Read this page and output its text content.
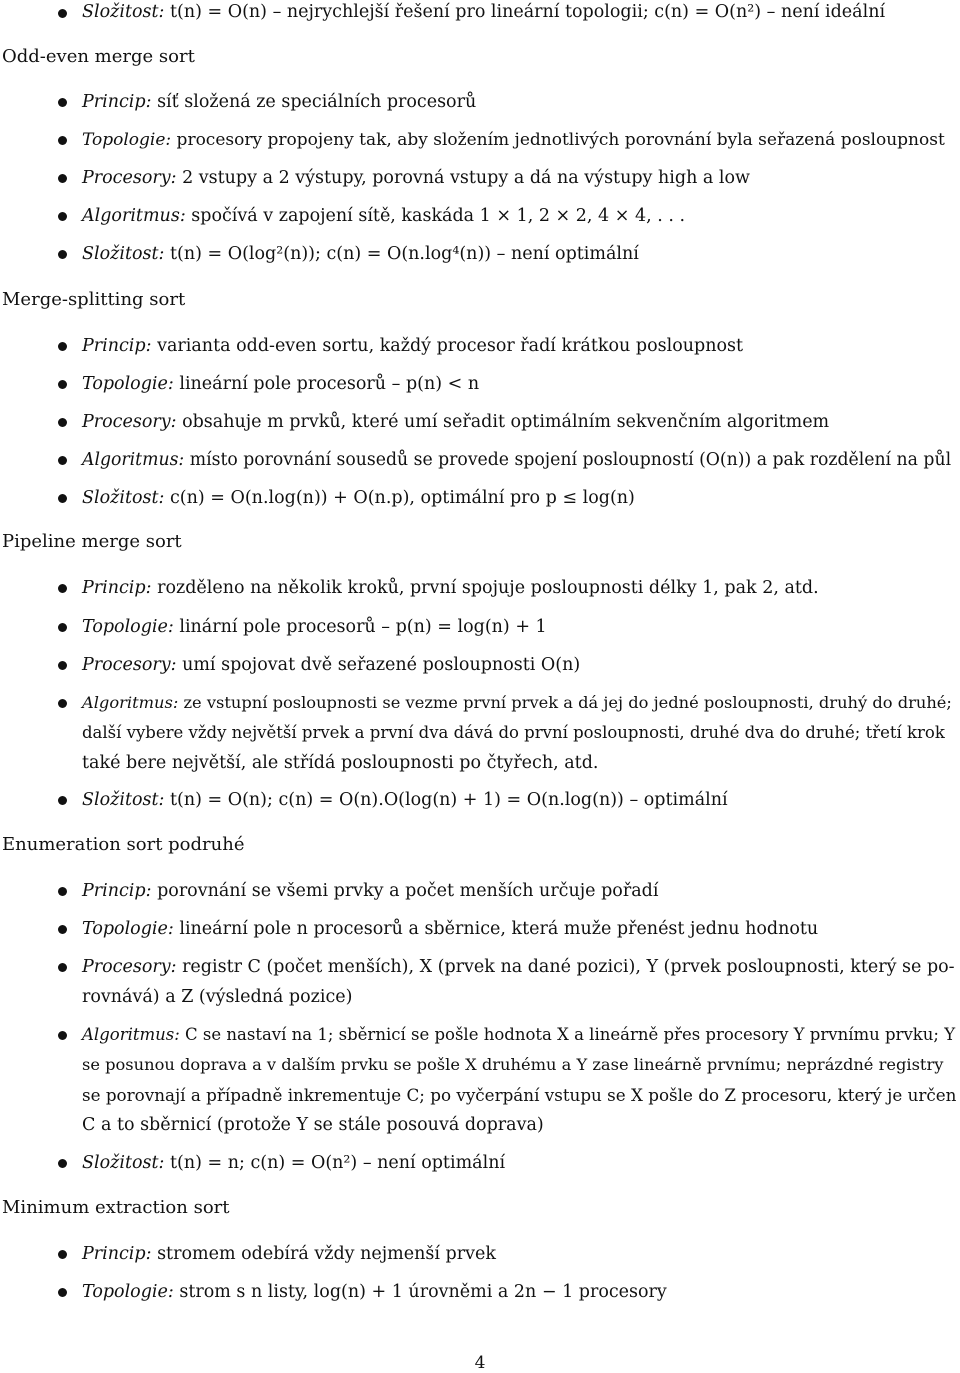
Složitost: t(n) = O(n) – nejrychlejší řešení pro lineární topologii; c(n) = O(n²) – není ideální
Odd-even merge sort
Princip: síť složená ze speciálních procesorů
Topologie: procesory propojeny tak, aby složením jednotlivých porovnání byla seřazená posloupnost
Procesory: 2 vstupy a 2 výstupy, porovná vstupy a dá na výstupy high a low
Algoritmus: spočívá v zapojení sítě, kaskáda 1 × 1, 2 × 2, 4 × 4, . . .
Složitost: t(n) = O(log²(n)); c(n) = O(n.log⁴(n)) – není optimální
Merge-splitting sort
Princip: varianta odd-even sortu, každý procesor řadí krátkou posloupnost
Topologie: lineární pole procesorů – p(n) < n
Procesory: obsahuje m prvků, které umí seřadit optimálním sekvenčním algoritmem
Algoritmus: místo porovnání sousedů se provede spojení posloupností (O(n)) a pak rozdělení na půl
Složitost: c(n) = O(n.log(n)) + O(n.p), optimální pro p ≤ log(n)
Pipeline merge sort
Princip: rozděleno na několik kroků, první spojuje posloupnosti délky 1, pak 2, atd.
Topologie: linární pole procesorů – p(n) = log(n) + 1
Procesory: umí spojovat dvě seřazené posloupnosti O(n)
Algoritmus: ze vstupní posloupnosti se vezme první prvek a dá jej do jedné posloupnosti, druhý do druhé;
další vybere vždy největší prvek a první dva dává do první posloupnosti, druhé dva do druhé; třetí krok
také bere největší, ale střídá posloupnosti po čtyřech, atd.
Složitost: t(n) = O(n); c(n) = O(n).O(log(n) + 1) = O(n.log(n)) – optimální
Enumeration sort podruhé
Princip: porovnání se všemi prvky a počet menších určuje pořadí
Topologie: lineární pole n procesorů a sběrnice, která muže přenést jednu hodnotu
Procesory: registr C (počet menších), X (prvek na dané pozici), Y (prvek posloupnosti, který se po-
rovnává) a Z (výsledná pozice)
Algoritmus: C se nastaví na 1; sběrnicí se pošle hodnota X a lineárně přes procesory Y prvnímu prvku; Y
se posunou doprava a v dalším prvku se pošle X druhému a Y zase lineárně prvnímu; neprázdné registry
se porovnají a případně inkrementuje C; po vyčerpání vstupu se X pošle do Z procesoru, který je určen
C a to sběrnicí (protože Y se stále posouvá doprava)
Složitost: t(n) = n; c(n) = O(n²) – není optimální
Minimum extraction sort
Princip: stromem odebírá vždy nejmenší prvek
Topologie: strom s n listy, log(n) + 1 úrovněmi a 2n − 1 procesory
4
